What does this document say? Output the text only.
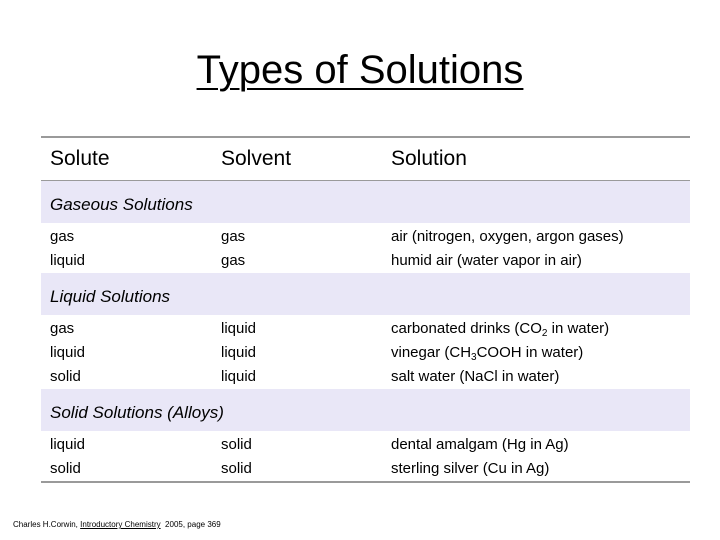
Types of Solutions
Solute	Solvent	Solution
Gaseous Solutions
gas	gas	air (nitrogen, oxygen, argon gases)
liquid	gas	humid air (water vapor in air)
Liquid Solutions
gas	liquid	carbonated drinks ($CO_2$ in water)
liquid	liquid	vinegar ($CH_3COOH$ in water)
solid	liquid	salt water (NaCl in water)
Solid Solutions (Alloys)
liquid	solid	dental amalgam (Hg in Ag)
solid	solid	sterling silver (Cu in Ag)
Charles H.Corwin, Introductory Chemistry  2005, page 369
